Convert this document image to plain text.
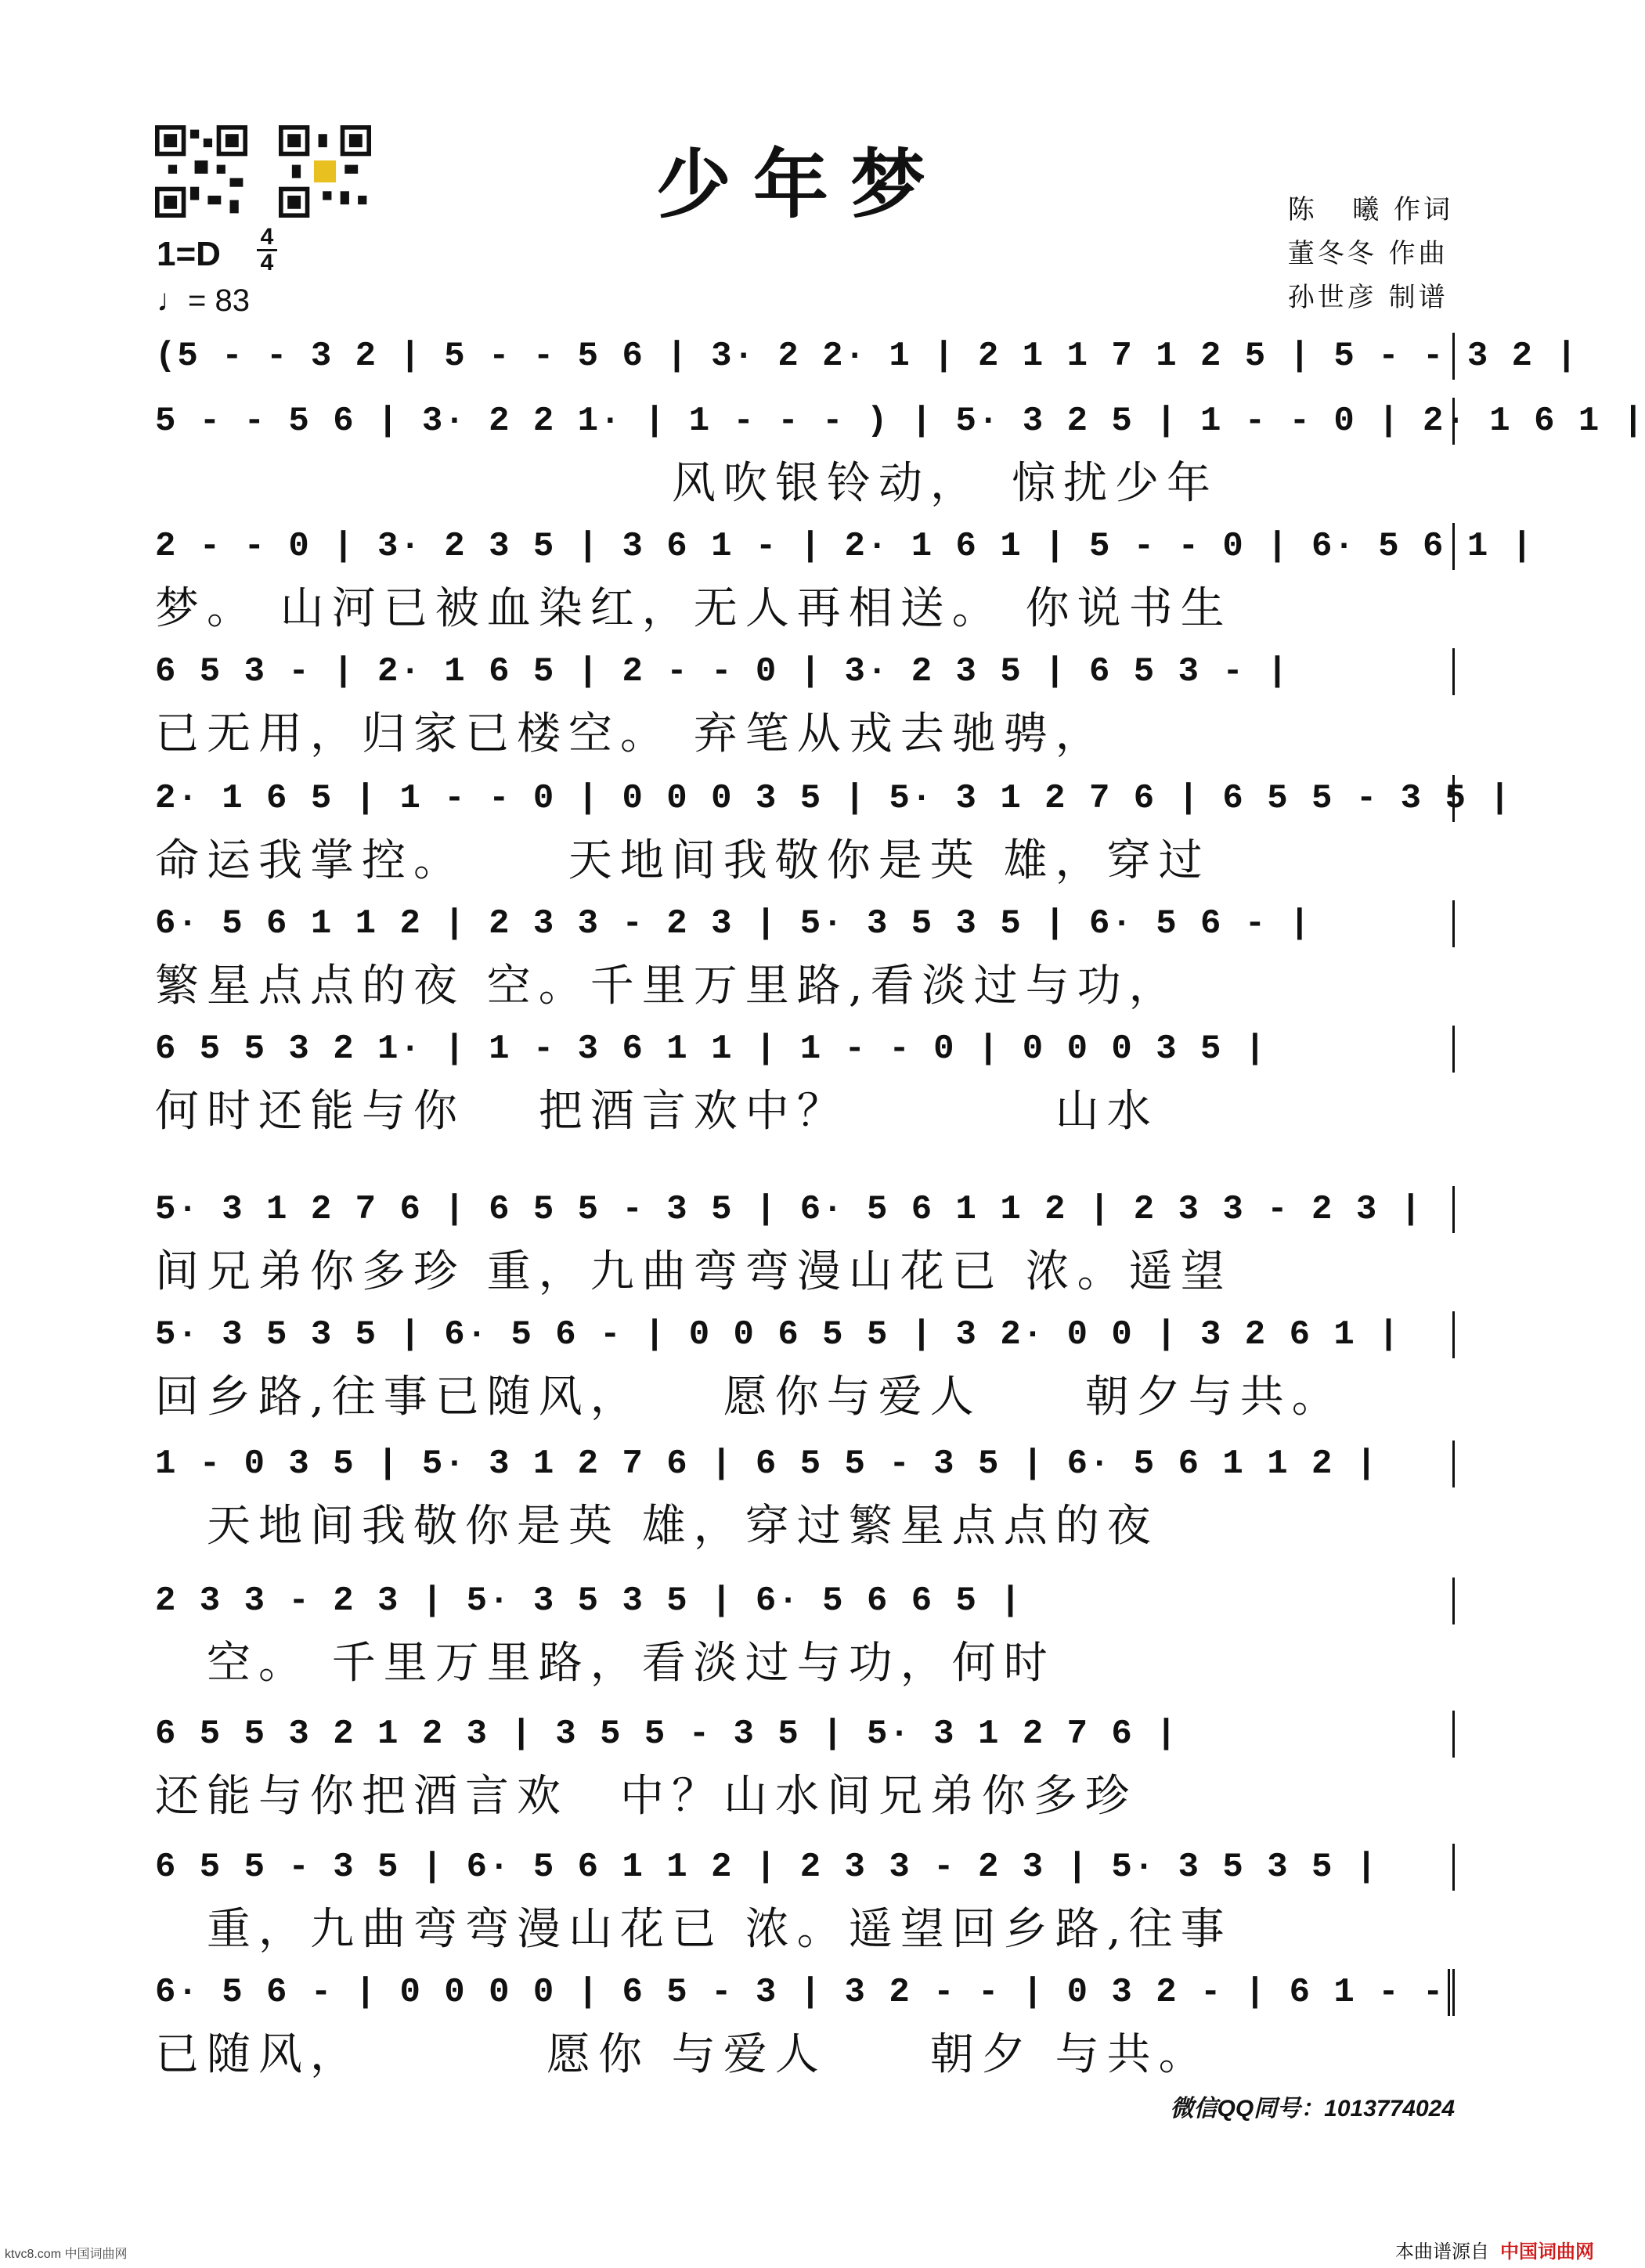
少年梦
1=D 4
4
♩= 83
陈   曦 作词
董冬冬 作曲
孙世彦 制谱
(5 - - 3 2 | 5 - - 5 6 | 3· 2 2· 1 | 2 1 1 7 1 2 5 | 5 - - 3 2 |
5 - - 5 6 | 3· 2 2 1· | 1 - - - ) | 5· 3 2 5 | 1 - - 0 | 2· 1 6 1 |
　　　　　　　　　　风吹银铃动，　惊扰少年
2 - - 0 | 3· 2 3 5 | 3 6 1 - | 2· 1 6 1 | 5 - - 0 | 6· 5 6 1 |
梦。 山河已被血染红，无人再相送。 你说书生
6 5 3 - | 2· 1 6 5 | 2 - - 0 | 3· 2 3 5 | 6 5 3 - |
已无用，归家已楼空。 弃笔从戎去驰骋，
2· 1 6 5 | 1 - - 0 | 0 0 0 3 5 | 5· 3 1 2 7 6 | 6 5 5 - 3 5 |
命运我掌控。　　 天地间我敬你是英 雄，穿过
6· 5 6 1 1 2 | 2 3 3 - 2 3 | 5· 3 5 3 5 | 6· 5 6 - |
繁星点点的夜 空。千里万里路,看淡过与功，
6 5 5 3 2 1· | 1 - 3 6 1 1 | 1 - - 0 | 0 0 0 3 5 |
何时还能与你　 把酒言欢中？　　　　山水
5· 3 1 2 7 6 | 6 5 5 - 3 5 | 6· 5 6 1 1 2 | 2 3 3 - 2 3 |
间兄弟你多珍 重，九曲弯弯漫山花已 浓。遥望
5· 3 5 3 5 | 6· 5 6 - | 0 0 6 5 5 | 3 2· 0 0 | 3 2 6 1 |
回乡路,往事已随风，　　愿你与爱人　　朝夕与共。
1 - 0 3 5 | 5· 3 1 2 7 6 | 6 5 5 - 3 5 | 6· 5 6 1 1 2 |
　天地间我敬你是英 雄，穿过繁星点点的夜
2 3 3 - 2 3 | 5· 3 5 3 5 | 6· 5 6 6 5 |
　空。 千里万里路，看淡过与功，何时
6 5 5 3 2 1 2 3 | 3 5 5 - 3 5 | 5· 3 1 2 7 6 |
还能与你把酒言欢　中？山水间兄弟你多珍
6 5 5 - 3 5 | 6· 5 6 1 1 2 | 2 3 3 - 2 3 | 5· 3 5 3 5 |
　重，九曲弯弯漫山花已 浓。遥望回乡路,往事
6· 5 6 - | 0 0 0 0 | 6 5 - 3 | 3 2 - - | 0 3 2 - | 6 1 - -
已随风，　　　　愿你 与爱人　　朝夕 与共。
微信QQ同号：1013774024
ktvc8.com 中国词曲网	本曲谱源自 中国词曲网
